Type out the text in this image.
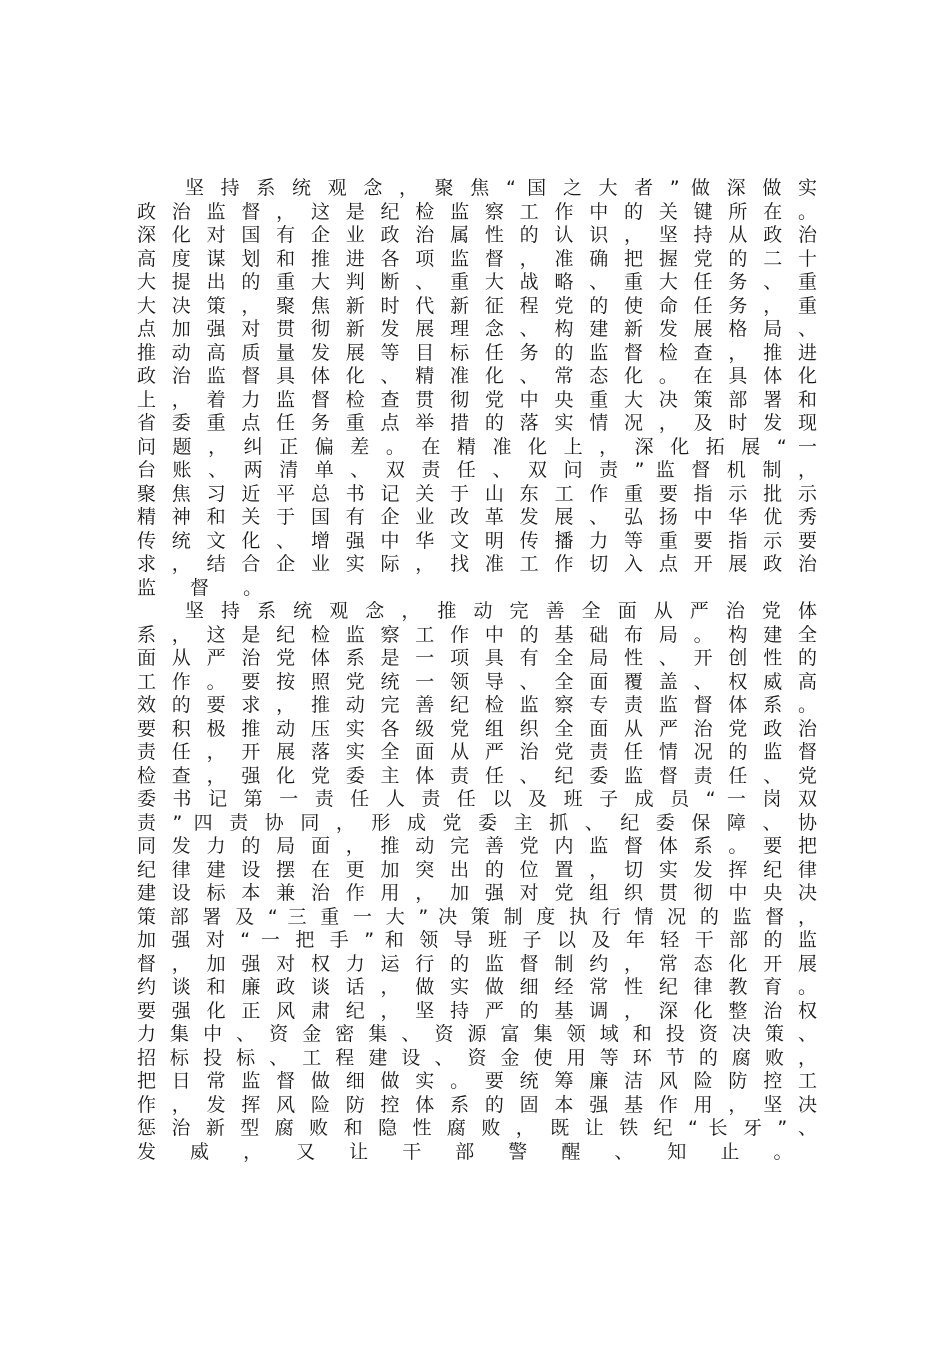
坚 持 系 统 观 念 ， 聚 焦 “ 国 之 大 者 ” 做 深 做 实
政 治 监 督 ， 这 是 纪 检 监 察 工 作 中 的 关 键 所 在 。
深 化 对 国 有 企 业 政 治 属 性 的 认 识 ， 坚 持 从 政 治
高 度 谋 划 和 推 进 各 项 监 督 ， 准 确 把 握 党 的 二 十
大 提 出 的 重 大 判 断 、 重 大 战 略 、 重 大 任 务 、 重
大 决 策 ， 聚 焦 新 时 代 新 征 程 党 的 使 命 任 务 ， 重
点 加 强 对 贯 彻 新 发 展 理 念 、 构 建 新 发 展 格 局 、
推 动 高 质 量 发 展 等 目 标 任 务 的 监 督 检 查 ， 推 进
政 治 监 督 具 体 化 、 精 准 化 、 常 态 化 。 在 具 体 化
上 ， 着 力 监 督 检 查 贯 彻 党 中 央 重 大 决 策 部 署 和
省 委 重 点 任 务 重 点 举 措 的 落 实 情 况 ， 及 时 发 现
问 题 ， 纠 正 偏 差 。 在 精 准 化 上 ， 深 化 拓 展 “ 一
台 账 、 两 清 单 、 双 责 任 、 双 问 责 ” 监 督 机 制 ，
聚 焦 习 近 平 总 书 记 关 于 山 东 工 作 重 要 指 示 批 示
精 神 和 关 于 国 有 企 业 改 革 发 展 、 弘 扬 中 华 优 秀
传 统 文 化 、 增 强 中 华 文 明 传 播 力 等 重 要 指 示 要
求 ， 结 合 企 业 实 际 ， 找 准 工 作 切 入 点 开 展 政 治
监 督 。
坚 持 系 统 观 念 ， 推 动 完 善 全 面 从 严 治 党 体
系 ， 这 是 纪 检 监 察 工 作 中 的 基 础 布 局 。 构 建 全
面 从 严 治 党 体 系 是 一 项 具 有 全 局 性 、 开 创 性 的
工 作 。 要 按 照 党 统 一 领 导 、 全 面 覆 盖 、 权 威 高
效 的 要 求 ， 推 动 完 善 纪 检 监 察 专 责 监 督 体 系 。
要 积 极 推 动 压 实 各 级 党 组 织 全 面 从 严 治 党 政 治
责 任 ， 开 展 落 实 全 面 从 严 治 党 责 任 情 况 的 监 督
检 查 ， 强 化 党 委 主 体 责 任 、 纪 委 监 督 责 任 、 党
委 书 记 第 一 责 任 人 责 任 以 及 班 子 成 员 “ 一 岗 双
责 ” 四 责 协 同 ， 形 成 党 委 主 抓 、 纪 委 保 障 、 协
同 发 力 的 局 面 ， 推 动 完 善 党 内 监 督 体 系 。 要 把
纪 律 建 设 摆 在 更 加 突 出 的 位 置 ， 切 实 发 挥 纪 律
建 设 标 本 兼 治 作 用 ， 加 强 对 党 组 织 贯 彻 中 央 决
策 部 署 及 “ 三 重 一 大 ” 决 策 制 度 执 行 情 况 的 监 督 ，
加 强 对 “ 一 把 手 ” 和 领 导 班 子 以 及 年 轻 干 部 的 监
督 ， 加 强 对 权 力 运 行 的 监 督 制 约 ， 常 态 化 开 展
约 谈 和 廉 政 谈 话 ， 做 实 做 细 经 常 性 纪 律 教 育 。
要 强 化 正 风 肃 纪 ， 坚 持 严 的 基 调 ， 深 化 整 治 权
力 集 中 、 资 金 密 集 、 资 源 富 集 领 域 和 投 资 决 策 、
招 标 投 标 、 工 程 建 设 、 资 金 使 用 等 环 节 的 腐 败 ，
把 日 常 监 督 做 细 做 实 。 要 统 筹 廉 洁 风 险 防 控 工
作 ， 发 挥 风 险 防 控 体 系 的 固 本 强 基 作 用 ， 坚 决
惩 治 新 型 腐 败 和 隐 性 腐 败 ， 既 让 铁 纪 “ 长 牙 ” 、
发 威 ， 又 让 干 部 警 醒 、 知 止 。
